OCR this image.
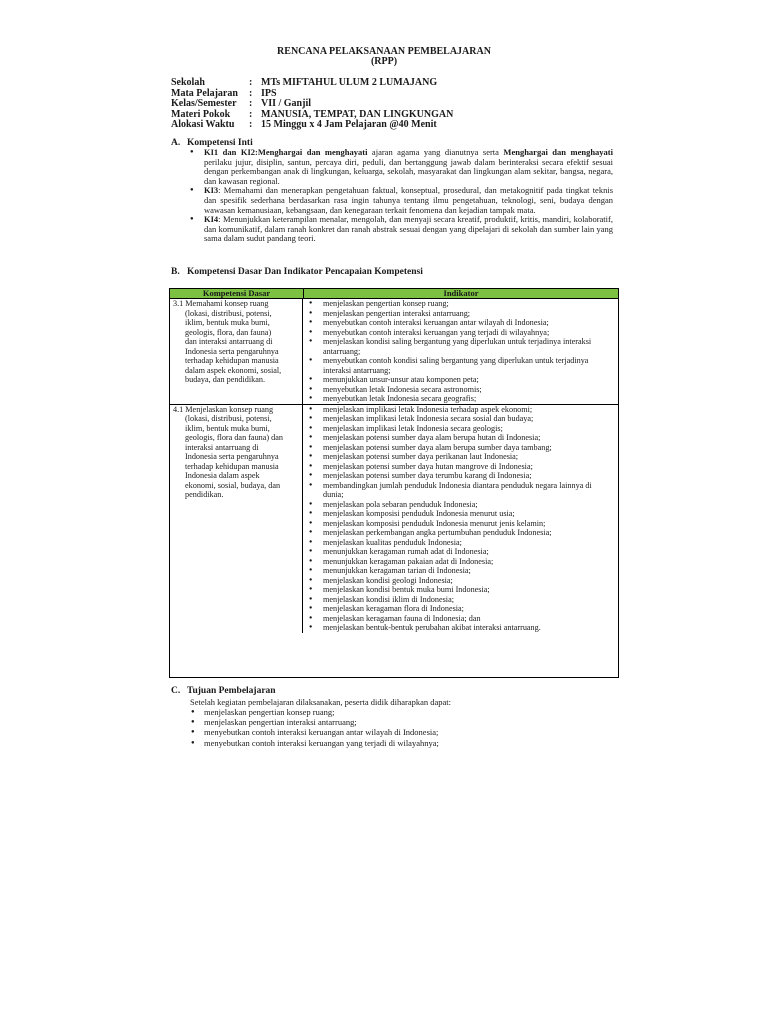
RENCANA PELAKSANAAN PEMBELAJARAN
(RPP)
Sekolah	: MTs MIFTAHUL ULUM 2 LUMAJANG
Mata Pelajaran	: IPS
Kelas/Semester	: VII / Ganjil
Materi Pokok	: MANUSIA, TEMPAT, DAN LINGKUNGAN
Alokasi Waktu	: 15 Minggu x 4 Jam Pelajaran @40 Menit
A. Kompetensi Inti
● KI1 dan KI2:Menghargai dan menghayati ajaran agama yang dianutnya serta Menghargai dan menghayati perilaku jujur, disiplin, santun, percaya diri, peduli, dan bertanggung jawab dalam berinteraksi secara efektif sesuai dengan perkembangan anak di lingkungan, keluarga, sekolah, masyarakat dan lingkungan alam sekitar, bangsa, negara, dan kawasan regional.
● KI3: Memahami dan menerapkan pengetahuan faktual, konseptual, prosedural, dan metakognitif pada tingkat teknis dan spesifik sederhana berdasarkan rasa ingin tahunya tentang ilmu pengetahuan, teknologi, seni, budaya dengan wawasan kemanusiaan, kebangsaan, dan kenegaraan terkait fenomena dan kejadian tampak mata.
● KI4: Menunjukkan keterampilan menalar, mengolah, dan menyaji secara kreatif, produktif, kritis, mandiri, kolaboratif, dan komunikatif, dalam ranah konkret dan ranah abstrak sesuai dengan yang dipelajari di sekolah dan sumber lain yang sama dalam sudut pandang teori.
B. Kompetensi Dasar Dan Indikator Pencapaian Kompetensi
Kompetensi Dasar	Indikator
3.1 Memahami konsep ruang
(lokasi, distribusi, potensi,
iklim, bentuk muka bumi,
geologis, flora, dan fauna)
dan interaksi antarruang di
Indonesia serta pengaruhnya
terhadap kehidupan manusia
dalam aspek ekonomi, sosial,
budaya, dan pendidikan.
● menjelaskan pengertian konsep ruang;
● menjelaskan pengertian interaksi antarruang;
● menyebutkan contoh interaksi keruangan antar wilayah di Indonesia;
● menyebutkan contoh interaksi keruangan yang terjadi di wilayahnya;
● menjelaskan kondisi saling bergantung yang diperlukan untuk terjadinya interaksi antarruang;
● menyebutkan contoh kondisi saling bergantung yang diperlukan untuk terjadinya interaksi antarruang;
● menunjukkan unsur-unsur atau komponen peta;
● menyebutkan letak Indonesia secara astronomis;
● menyebutkan letak Indonesia secara geografis;
4.1 Menjelaskan konsep ruang
(lokasi, distribusi, potensi,
iklim, bentuk muka bumi,
geologis, flora dan fauna) dan
interaksi antarruang di
Indonesia serta pengaruhnya
terhadap kehidupan manusia
Indonesia dalam aspek
ekonomi, sosial, budaya, dan
pendidikan.
● menjelaskan implikasi letak Indonesia terhadap aspek ekonomi;
● menjelaskan implikasi letak Indonesia secara sosial dan budaya;
● menjelaskan implikasi letak Indonesia secara geologis;
● menjelaskan potensi sumber daya alam berupa hutan di Indonesia;
● menjelaskan potensi sumber daya alam berupa sumber daya tambang;
● menjelaskan potensi sumber daya perikanan laut Indonesia;
● menjelaskan potensi sumber daya hutan mangrove di Indonesia;
● menjelaskan potensi sumber daya terumbu karang di Indonesia;
● membandingkan jumlah penduduk Indonesia diantara penduduk negara lainnya di dunia;
● menjelaskan pola sebaran penduduk Indonesia;
● menjelaskan komposisi penduduk Indonesia menurut usia;
● menjelaskan komposisi penduduk Indonesia menurut jenis kelamin;
● menjelaskan perkembangan angka pertumbuhan penduduk Indonesia;
● menjelaskan kualitas penduduk Indonesia;
● menunjukkan keragaman rumah adat di Indonesia;
● menunjukkan keragaman pakaian adat di Indonesia;
● menunjukkan keragaman tarian di Indonesia;
● menjelaskan kondisi geologi Indonesia;
● menjelaskan kondisi bentuk muka bumi Indonesia;
● menjelaskan kondisi iklim di Indonesia;
● menjelaskan keragaman flora di Indonesia;
● menjelaskan keragaman fauna di Indonesia; dan
● menjelaskan bentuk-bentuk perubahan akibat interaksi antarruang.
C. Tujuan Pembelajaran
Setelah kegiatan pembelajaran dilaksanakan, peserta didik diharapkan dapat:
● menjelaskan pengertian konsep ruang;
● menjelaskan pengertian interaksi antarruang;
● menyebutkan contoh interaksi keruangan antar wilayah di Indonesia;
● menyebutkan contoh interaksi keruangan yang terjadi di wilayahnya;
